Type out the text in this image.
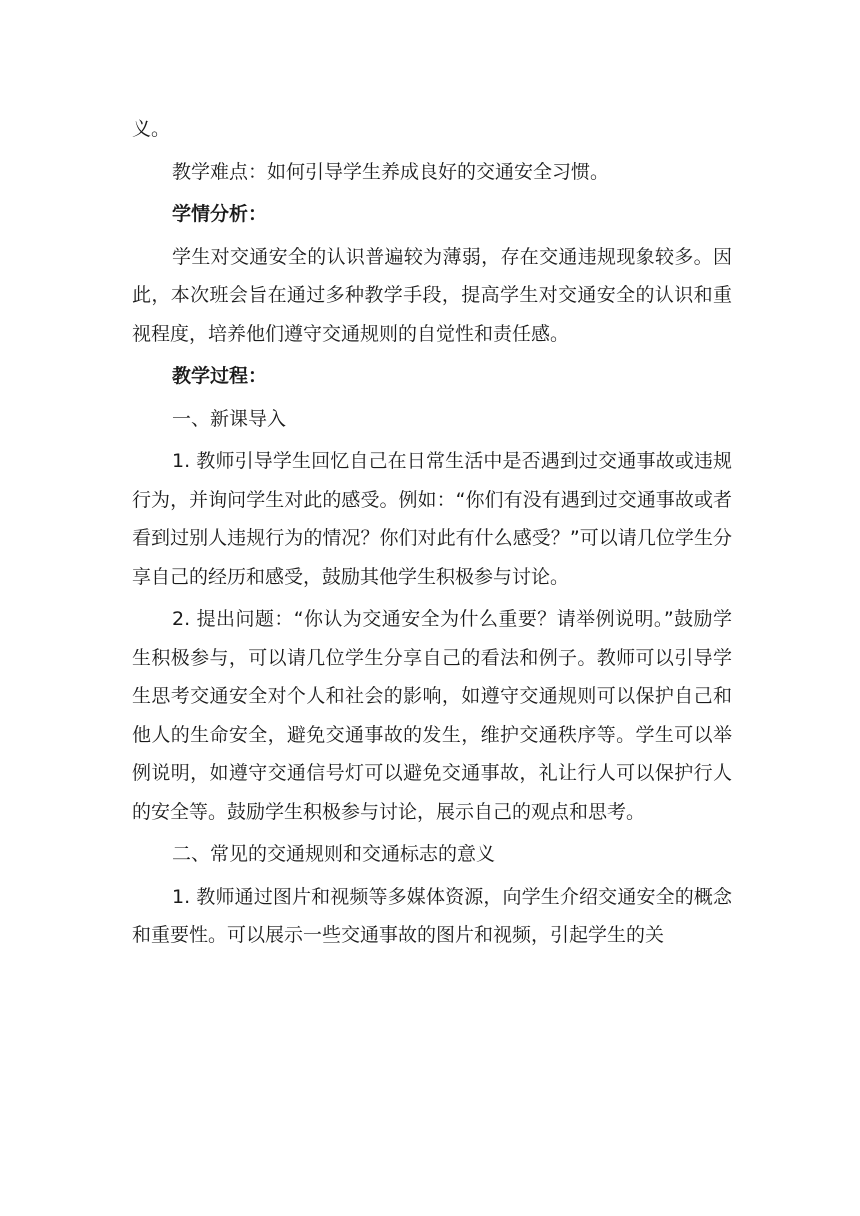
义。

教学难点：如何引导学生养成良好的交通安全习惯。

学情分析：

学生对交通安全的认识普遍较为薄弱，存在交通违规现象较多。因此，本次班会旨在通过多种教学手段，提高学生对交通安全的认识和重视程度，培养他们遵守交通规则的自觉性和责任感。

教学过程：

一、新课导入

1. 教师引导学生回忆自己在日常生活中是否遇到过交通事故或违规行为，并询问学生对此的感受。例如：“你们有没有遇到过交通事故或者看到过别人违规行为的情况？你们对此有什么感受？”可以请几位学生分享自己的经历和感受，鼓励其他学生积极参与讨论。

2. 提出问题：“你认为交通安全为什么重要？请举例说明。”鼓励学生积极参与，可以请几位学生分享自己的看法和例子。教师可以引导学生思考交通安全对个人和社会的影响，如遵守交通规则可以保护自己和他人的生命安全，避免交通事故的发生，维护交通秩序等。学生可以举例说明，如遵守交通信号灯可以避免交通事故，礼让行人可以保护行人的安全等。鼓励学生积极参与讨论，展示自己的观点和思考。

二、常见的交通规则和交通标志的意义

1. 教师通过图片和视频等多媒体资源，向学生介绍交通安全的概念和重要性。可以展示一些交通事故的图片和视频，引起学生的关
